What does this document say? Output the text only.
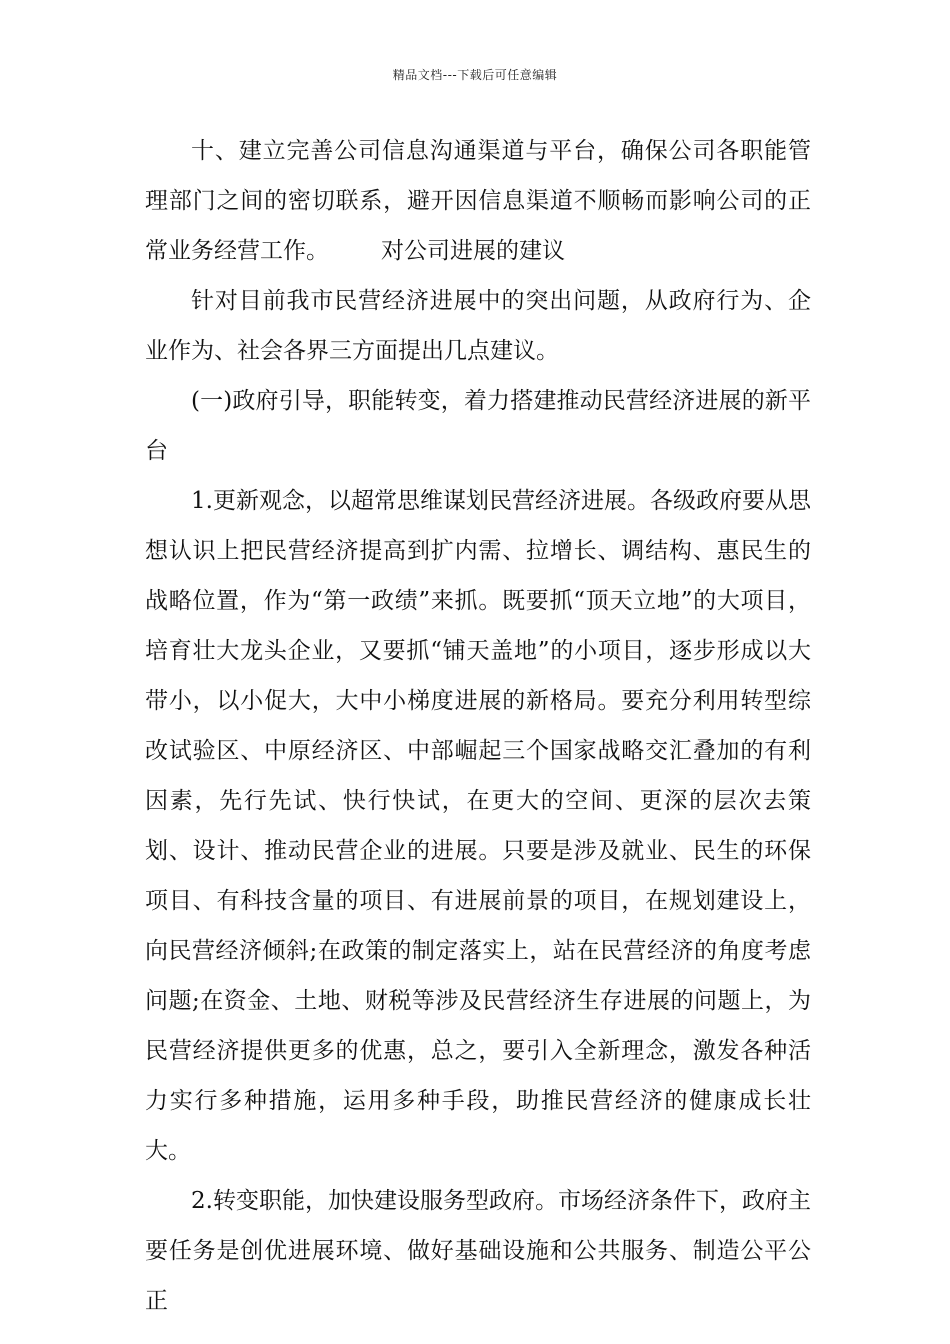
精品文档---下载后可任意编辑

十、建立完善公司信息沟通渠道与平台，确保公司各职能管理部门之间的密切联系，避开因信息渠道不顺畅而影响公司的正常业务经营工作。 对公司进展的建议

针对目前我市民营经济进展中的突出问题，从政府行为、企业作为、社会各界三方面提出几点建议。

(一)政府引导，职能转变，着力搭建推动民营经济进展的新平台

1.更新观念，以超常思维谋划民营经济进展。各级政府要从思想认识上把民营经济提高到扩内需、拉增长、调结构、惠民生的战略位置，作为“第一政绩”来抓。既要抓“顶天立地”的大项目，培育壮大龙头企业，又要抓“铺天盖地”的小项目，逐步形成以大带小，以小促大，大中小梯度进展的新格局。要充分利用转型综改试验区、中原经济区、中部崛起三个国家战略交汇叠加的有利因素，先行先试、快行快试，在更大的空间、更深的层次去策划、设计、推动民营企业的进展。只要是涉及就业、民生的环保项目、有科技含量的项目、有进展前景的项目，在规划建设上，向民营经济倾斜;在政策的制定落实上，站在民营经济的角度考虑问题;在资金、土地、财税等涉及民营经济生存进展的问题上，为民营经济提供更多的优惠，总之，要引入全新理念，激发各种活力实行多种措施，运用多种手段，助推民营经济的健康成长壮大。

2.转变职能，加快建设服务型政府。市场经济条件下，政府主要任务是创优进展环境、做好基础设施和公共服务、制造公平公正
